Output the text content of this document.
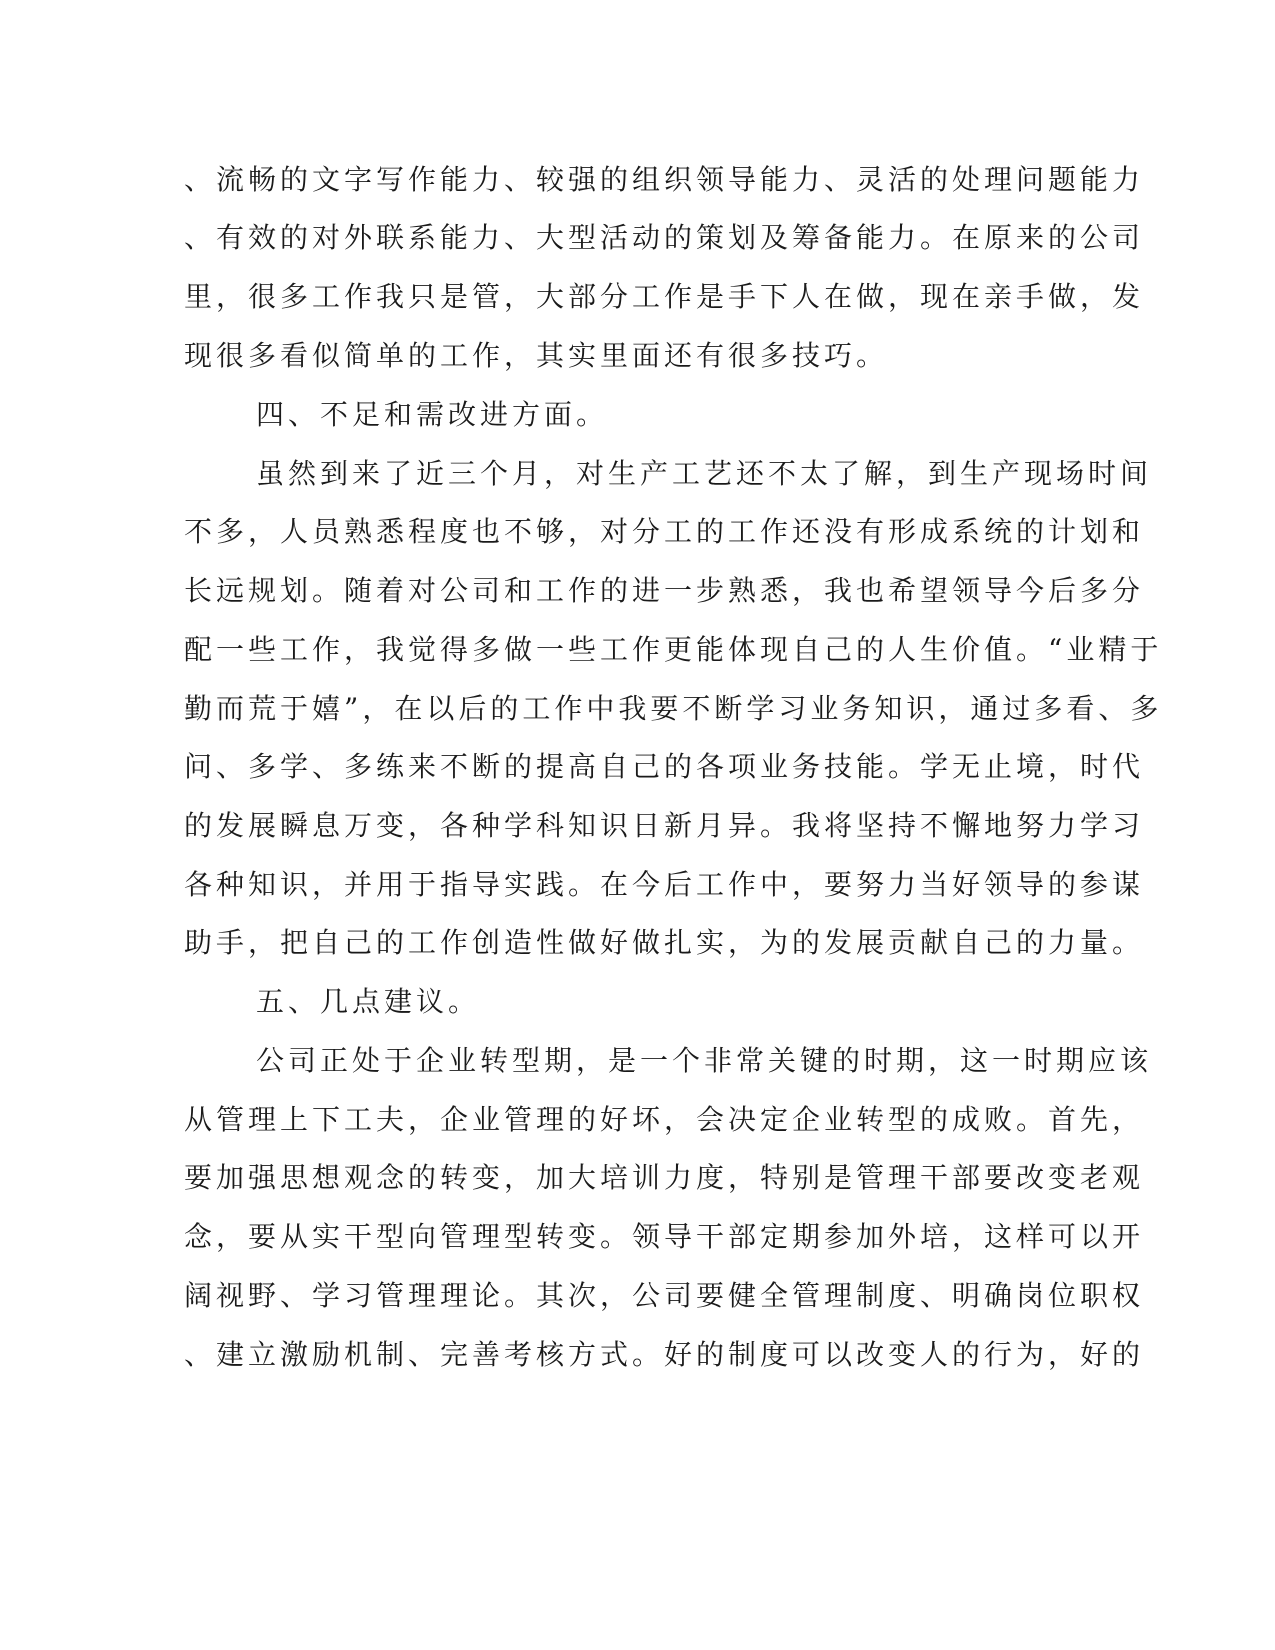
、流畅的文字写作能力、较强的组织领导能力、灵活的处理问题能力
、有效的对外联系能力、大型活动的策划及筹备能力。在原来的公司
里，很多工作我只是管，大部分工作是手下人在做，现在亲手做，发
现很多看似简单的工作，其实里面还有很多技巧。
四、不足和需改进方面。
虽然到来了近三个月，对生产工艺还不太了解，到生产现场时间
不多，人员熟悉程度也不够，对分工的工作还没有形成系统的计划和
长远规划。随着对公司和工作的进一步熟悉，我也希望领导今后多分
配一些工作，我觉得多做一些工作更能体现自己的人生价值。“业精于
勤而荒于嬉”，在以后的工作中我要不断学习业务知识，通过多看、多
问、多学、多练来不断的提高自己的各项业务技能。学无止境，时代
的发展瞬息万变，各种学科知识日新月异。我将坚持不懈地努力学习
各种知识，并用于指导实践。在今后工作中，要努力当好领导的参谋
助手，把自己的工作创造性做好做扎实，为的发展贡献自己的力量。
五、几点建议。
公司正处于企业转型期，是一个非常关键的时期，这一时期应该
从管理上下工夫，企业管理的好坏，会决定企业转型的成败。首先，
要加强思想观念的转变，加大培训力度，特别是管理干部要改变老观
念，要从实干型向管理型转变。领导干部定期参加外培，这样可以开
阔视野、学习管理理论。其次，公司要健全管理制度、明确岗位职权
、建立激励机制、完善考核方式。好的制度可以改变人的行为，好的
